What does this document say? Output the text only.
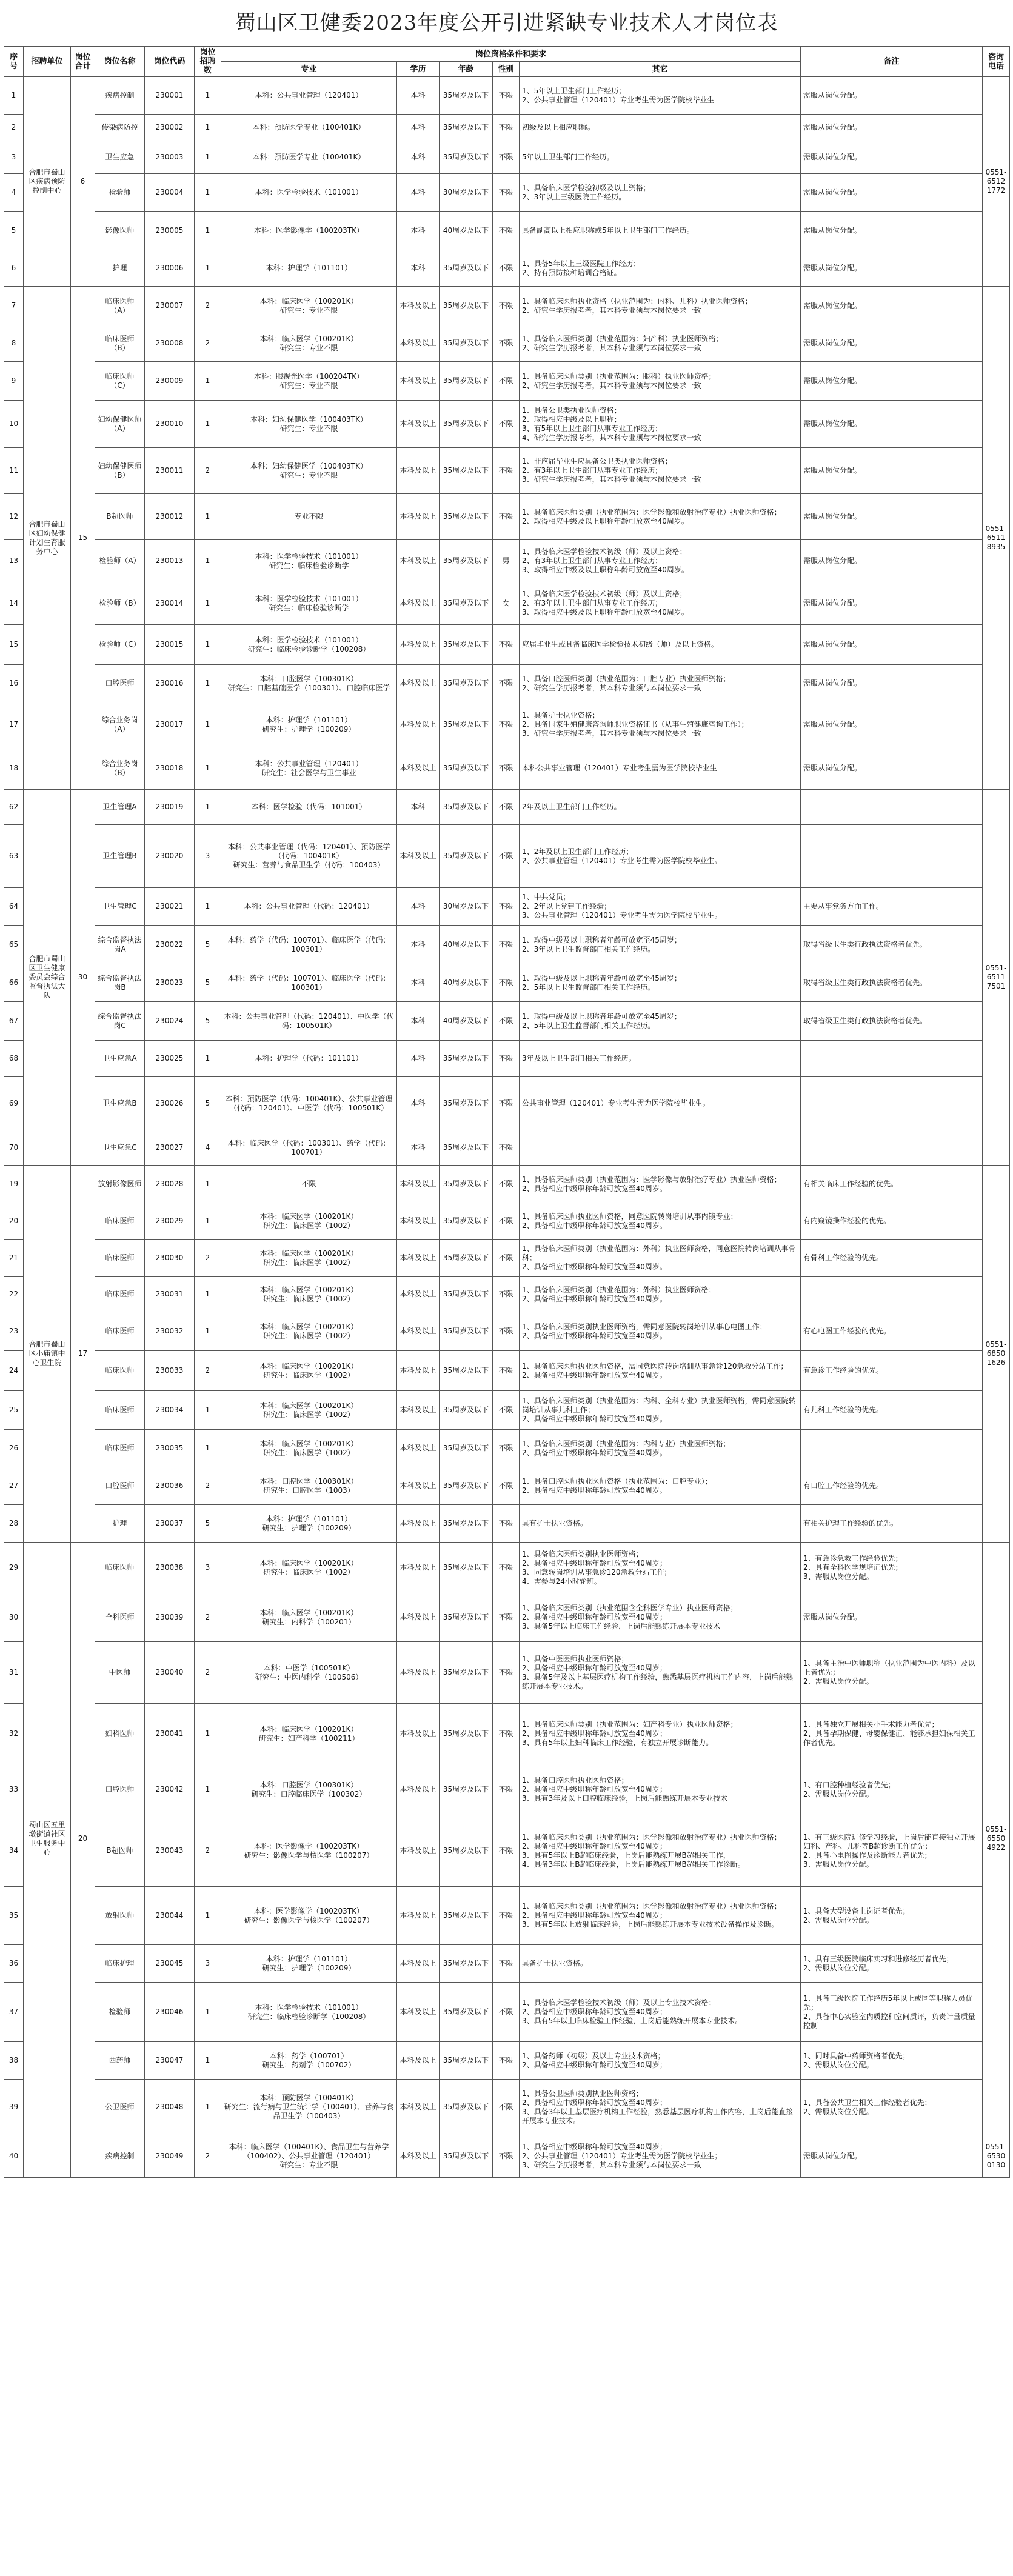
蜀山区卫健委2023年度公开引进紧缺专业技术人才岗位表
序号	招聘单位	岗位合计	岗位名称	岗位代码	岗位招聘数	岗位资格条件和要求					备注	咨询电话
						专业	学历	年龄	性别	其它		
1	合肥市蜀山区疾病预防控制中心	6	疾病控制	230001	1	本科：公共事业管理（120401）	本科	35周岁及以下	不限	1、5年以上卫生部门工作经历；
2、公共事业管理（120401）专业考生需为医学院校毕业生	需服从岗位分配。	0551-65121772
2			传染病防控	230002	1	本科：预防医学专业（100401K）	本科	35周岁及以下	不限	初级及以上相应职称。	需服从岗位分配。	
3			卫生应急	230003	1	本科：预防医学专业（100401K）	本科	35周岁及以下	不限	5年以上卫生部门工作经历。	需服从岗位分配。	
4			检验师	230004	1	本科：医学检验技术（101001）	本科	30周岁及以下	不限	1、具备临床医学检验初级及以上资格；
2、3年以上三级医院工作经历。	需服从岗位分配。	
5			影像医师	230005	1	本科：医学影像学（100203TK）	本科	40周岁及以下	不限	具备副高以上相应职称或5年以上卫生部门工作经历。	需服从岗位分配。	
6			护理	230006	1	本科：护理学（101101）	本科	35周岁及以下	不限	1、具备5年以上三级医院工作经历；
2、持有预防接种培训合格证。	需服从岗位分配。	
7	合肥市蜀山区妇幼保健计划生育服务中心	15	临床医师（A）	230007	2	本科：临床医学（100201K）
研究生：专业不限	本科及以上	35周岁及以下	不限	1、具备临床医师执业资格（执业范围为：内科、儿科）执业医师资格；
2、研究生学历报考者，其本科专业须与本岗位要求一致	需服从岗位分配。	0551-65118935
8			临床医师（B）	230008	2	本科：临床医学（100201K）
研究生：专业不限	本科及以上	35周岁及以下	不限	1、具备临床医师类别（执业范围为：妇产科）执业医师资格；
2、研究生学历报考者，其本科专业须与本岗位要求一致	需服从岗位分配。	
9			临床医师（C）	230009	1	本科：眼视光医学（100204TK）
研究生：专业不限	本科及以上	35周岁及以下	不限	1、具备临床医师类别（执业范围为：眼科）执业医师资格；
2、研究生学历报考者，其本科专业须与本岗位要求一致	需服从岗位分配。	
10			妇幼保健医师（A）	230010	1	本科：妇幼保健医学（100403TK）
研究生：专业不限	本科及以上	35周岁及以下	不限	1、具备公卫类执业医师资格；
2、取得相应中级及以上职称；
3、有5年以上卫生部门从事专业工作经历；
4、研究生学历报考者，其本科专业须与本岗位要求一致	需服从岗位分配。	
11			妇幼保健医师（B）	230011	2	本科：妇幼保健医学（100403TK）
研究生：专业不限	本科及以上	35周岁及以下	不限	1、非应届毕业生应具备公卫类执业医师资格；
2、有3年以上卫生部门从事专业工作经历；
3、研究生学历报考者，其本科专业须与本岗位要求一致	需服从岗位分配。	
12			B超医师	230012	1	专业不限	本科及以上	35周岁及以下	不限	1、具备临床医师类别（执业范围为：医学影像和放射治疗专业）执业医师资格；
2、取得相应中级及以上职称年龄可放宽至40周岁。	需服从岗位分配。	
13			检验师（A）	230013	1	本科：医学检验技术（101001）
研究生：临床检验诊断学	本科及以上	35周岁及以下	男	1、具备临床医学检验技术初级（师）及以上资格；
2、有3年以上卫生部门从事专业工作经历；
3、取得相应中级及以上职称年龄可放宽至40周岁。	需服从岗位分配。	
14			检验师（B）	230014	1	本科：医学检验技术（101001）
研究生：临床检验诊断学	本科及以上	35周岁及以下	女	1、具备临床医学检验技术初级（师）及以上资格；
2、有3年以上卫生部门从事专业工作经历；
3、取得相应中级及以上职称年龄可放宽至40周岁。	需服从岗位分配。	
15			检验师（C）	230015	1	本科：医学检验技术（101001）
研究生：临床检验诊断学（100208）	本科及以上	35周岁及以下	不限	应届毕业生或具备临床医学检验技术初级（师）及以上资格。	需服从岗位分配。	
16			口腔医师	230016	1	本科：口腔医学（100301K）
研究生：口腔基础医学（100301）、口腔临床医学	本科及以上	35周岁及以下	不限	1、具备口腔医师类别（执业范围为：口腔专业）执业医师资格；
2、研究生学历报考者，其本科专业须与本岗位要求一致	需服从岗位分配。	
17			综合业务岗（A）	230017	1	本科：护理学（101101）
研究生：护理学（100209）	本科及以上	35周岁及以下	不限	1、具备护士执业资格；
2、具备国家生殖健康咨询师职业资格证书（从事生殖健康咨询工作）；
3、研究生学历报考者，其本科专业须与本岗位要求一致	需服从岗位分配。	
18			综合业务岗（B）	230018	1	本科：公共事业管理（120401）
研究生：社会医学与卫生事业	本科及以上	35周岁及以下	不限	本科公共事业管理（120401）专业考生需为医学院校毕业生	需服从岗位分配。	
62	合肥市蜀山区卫生健康委员会综合监督执法大队	30	卫生管理A	230019	1	本科：医学检验（代码：101001）	本科	35周岁及以下	不限	2年及以上卫生部门工作经历。		0551-65117501
63			卫生管理B	230020	3	本科：公共事业管理（代码：120401）、预防医学（代码：100401K）
研究生：营养与食品卫生学（代码：100403）	本科及以上	35周岁及以下	不限	1、2年及以上卫生部门工作经历；
2、公共事业管理（120401）专业考生需为医学院校毕业生。		
64			卫生管理C	230021	1	本科：公共事业管理（代码：120401）	本科	30周岁及以下	不限	1、中共党员；
2、2年以上党建工作经验；
3、公共事业管理（120401）专业考生需为医学院校毕业生。	主要从事党务方面工作。	
65			综合监督执法岗A	230022	5	本科：药学（代码：100701）、临床医学（代码：100301）	本科	40周岁及以下	不限	1、取得中级及以上职称者年龄可放宽至45周岁；
2、3年以上卫生监督部门相关工作经历。	取得省级卫生类行政执法资格者优先。	
66			综合监督执法岗B	230023	5	本科：药学（代码：100701）、临床医学（代码：100301）	本科	40周岁及以下	不限	1、取得中级及以上职称者年龄可放宽至45周岁；
2、5年以上卫生监督部门相关工作经历。	取得省级卫生类行政执法资格者优先。	
67			综合监督执法岗C	230024	5	本科：公共事业管理（代码：120401）、中医学（代码：100501K）	本科	40周岁及以下	不限	1、取得中级及以上职称者年龄可放宽至45周岁；
2、5年以上卫生监督部门相关工作经历。	取得省级卫生类行政执法资格者优先。	
68			卫生应急A	230025	1	本科：护理学（代码：101101）	本科	35周岁及以下	不限	3年及以上卫生部门相关工作经历。		
69			卫生应急B	230026	5	本科：预防医学（代码：100401K）、公共事业管理（代码：120401）、中医学（代码：100501K）	本科	35周岁及以下	不限	公共事业管理（120401）专业考生需为医学院校毕业生。		
70			卫生应急C	230027	4	本科：临床医学（代码：100301）、药学（代码：100701）	本科	35周岁及以下	不限			
19	合肥市蜀山区小庙镇中心卫生院	17	放射影像医师	230028	1	不限	本科及以上	35周岁及以下	不限	1、具备临床医师类别（执业范围为：医学影像与放射治疗专业）执业医师资格；
2、具备相应中级职称年龄可放宽至40周岁。	有相关临床工作经验的优先。	0551-68501626
20			临床医师	230029	1	本科：临床医学（100201K）
研究生：临床医学（1002）	本科及以上	35周岁及以下	不限	1、具备临床医师执业医师资格，同意医院转岗培训从事内镜专业；
2、具备相应中级职称年龄可放宽至40周岁。	有内窥镜操作经验的优先。	
21			临床医师	230030	2	本科：临床医学（100201K）
研究生：临床医学（1002）	本科及以上	35周岁及以下	不限	1、具备临床医师类别（执业范围为：外科）执业医师资格，同意医院转岗培训从事骨科；
2、具备相应中级职称年龄可放宽至40周岁。	有骨科工作经验的优先。	
22			临床医师	230031	1	本科：临床医学（100201K）
研究生：临床医学（1002）	本科及以上	35周岁及以下	不限	1、具备临床医师类别（执业范围为：外科）执业医师资格；
2、具备相应中级职称年龄可放宽至40周岁。		
23			临床医师	230032	1	本科：临床医学（100201K）
研究生：临床医学（1002）	本科及以上	35周岁及以下	不限	1、具备临床医师类别执业医师资格，需同意医院转岗培训从事心电图工作；
2、具备相应中级职称年龄可放宽至40周岁。	有心电图工作经验的优先。	
24			临床医师	230033	2	本科：临床医学（100201K）
研究生：临床医学（1002）	本科及以上	35周岁及以下	不限	1、具备临床医师执业医师资格，需同意医院转岗培训从事急诊120急救分站工作；
2、具备相应中级职称年龄可放宽至40周岁。	有急诊工作经验的优先。	
25			临床医师	230034	1	本科：临床医学（100201K）
研究生：临床医学（1002）	本科及以上	35周岁及以下	不限	1、具备临床医师类别（执业范围为：内科、全科专业）执业医师资格，需同意医院转岗培训从事儿科工作；
2、具备相应中级职称年龄可放宽至40周岁。	有儿科工作经验的优先。	
26			临床医师	230035	1	本科：临床医学（100201K）
研究生：临床医学（1002）	本科及以上	35周岁及以下	不限	1、具备临床医师类别（执业范围为：内科专业）执业医师资格；
2、具备相应中级职称年龄可放宽至40周岁。		
27			口腔医师	230036	2	本科：口腔医学（100301K）
研究生：口腔医学（1003）	本科及以上	35周岁及以下	不限	1、具备口腔医师执业医师资格（执业范围为：口腔专业）；
2、具备相应中级职称年龄可放宽至40周岁。	有口腔工作经验的优先。	
28			护理	230037	5	本科：护理学（101101）
研究生：护理学（100209）	本科及以上	35周岁及以下	不限	具有护士执业资格。	有相关护理工作经验的优先。	
29	蜀山区五里墩街道社区卫生服务中心	20	临床医师	230038	3	本科：临床医学（100201K）
研究生：临床医学（1002）	本科及以上	35周岁及以下	不限	1、具备临床医师类别执业医师资格；
2、具备相应中级职称年龄可放宽至40周岁；
3、同意转岗培训从事急诊120急救分站工作；
4、需参与24小时轮班。	1、有急诊急救工作经验优先；
2、具有全科医学规培证优先；
3、需服从岗位分配。	0551-65504922
30			全科医师	230039	2	本科：临床医学（100201K）
研究生：内科学（100201）	本科及以上	35周岁及以下	不限	1、具备临床医师类别（执业范围含全科医学专业）执业医师资格；
2、具备相应中级职称年龄可放宽至40周岁；
3、具备5年以上临床工作经验，上岗后能熟练开展本专业技术	需服从岗位分配。	
31			中医师	230040	2	本科：中医学（100501K）
研究生：中医内科学（100506）	本科及以上	35周岁及以下	不限	1、具备中医医师执业医师资格；
2、具备相应中级职称年龄可放宽至40周岁；
3、具备5年及以上基层医疗机构工作经验，熟悉基层医疗机构工作内容，上岗后能熟练开展本专业技术。	1、具备主治中医师职称（执业范围为中医内科）及以上者优先；
2、需服从岗位分配。	
32			妇科医师	230041	1	本科：临床医学（100201K）
研究生：妇产科学（100211）	本科及以上	35周岁及以下	不限	1、具备临床医师类别（执业范围为：妇产科专业）执业医师资格；
2、具备相应中级职称年龄可放宽至40周岁；
3、具有5年以上妇科临床工作经验，有独立开展诊断能力。	1、具备独立开展相关小手术能力者优先；
2、具备孕期保健、母婴保健证、能够承担妇保相关工作者优先。	
33			口腔医师	230042	1	本科：口腔医学（100301K）
研究生：口腔临床医学（100302）	本科及以上	35周岁及以下	不限	1、具备口腔医师执业医师资格；
2、具备相应中级职称年龄可放宽至40周岁；
3、具有3年及以上口腔临床经验，上岗后能熟练开展本专业技术	1、有口腔种植经验者优先；
2、需服从岗位分配。	
34			B超医师	230043	2	本科：医学影像学（100203TK）
研究生：影像医学与核医学（100207）	本科及以上	35周岁及以下	不限	1、具备临床医师类别（执业范围为：医学影像和放射治疗专业）执业医师资格；
2、具备相应中级职称年龄可放宽至40周岁；
3、具有5年以上B超临床经验，上岗后能熟练开展B超相关工作，
4、具备3年以上B超临床经验，上岗后能熟练开展B超相关工作诊断。	1、有三级医院进修学习经验，上岗后能直接独立开展妇科、产科、儿科等B超诊断工作优先；
2、具备心电图操作及诊断能力者优先；
3、需服从岗位分配。	
35			放射医师	230044	1	本科：医学影像学（100203TK）
研究生：影像医学与核医学（100207）	本科及以上	35周岁及以下	不限	1、具备临床医师类别（执业范围为：医学影像和放射治疗专业）执业医师资格；
2、具备相应中级职称年龄可放宽至40周岁；
3、具有5年以上放射临床经验，上岗后能熟练开展本专业技术设备操作及诊断。	1、具备大型设备上岗证者优先；
2、需服从岗位分配。	
36			临床护理	230045	3	本科：护理学（101101）
研究生：护理学（100209）	本科及以上	35周岁及以下	不限	具备护士执业资格。	1、具有三级医院临床实习和进修经历者优先；
2、需服从岗位分配。	
37			检验师	230046	1	本科：医学检验技术（101001）
研究生：临床检验诊断学（100208）	本科及以上	35周岁及以下	不限	1、具备临床医学检验技术初级（师）及以上专业技术资格；
2、具备相应中级职称年龄可放宽至40周岁；
3、具有5年以上临床检验工作经验，上岗后能熟练开展本专业技术。	1、具备三级医院工作经历5年以上或同等职称人员优先；
2、具备中心实验室内质控和室间质评，负责计量质量控制	
38			西药师	230047	1	本科：药学（100701）
研究生：药剂学（100702）	本科及以上	35周岁及以下	不限	1、具备药师（初级）及以上专业技术资格；
2、具备相应中级职称年龄可放宽至40周岁；	1、同时具备中药师资格者优先；
2、需服从岗位分配。	
39			公卫医师	230048	1	本科：预防医学（100401K）
研究生：流行病与卫生统计学（100401）、营养与食品卫生学（100403）	本科及以上	35周岁及以下	不限	1、具备公卫医师类别执业医师资格；
2、具备相应中级职称年龄可放宽至40周岁；
3、具备3年以上基层医疗机构工作经验，熟悉基层医疗机构工作内容，上岗后能直接开展本专业技术。	1、具备公共卫生相关工作经验者优先；
2、需服从岗位分配。	
40			疾病控制	230049	2	本科：临床医学（100401K）、食品卫生与营养学（100402）、公共事业管理（120401）
研究生：专业不限	本科及以上	35周岁及以下	不限	1、具备相应中级职称年龄可放宽至40周岁；
2、公共事业管理（120401）专业考生需为医学院校毕业生；
3、研究生学历报考者，其本科专业须与本岗位要求一致	需服从岗位分配。	0551-65300130
